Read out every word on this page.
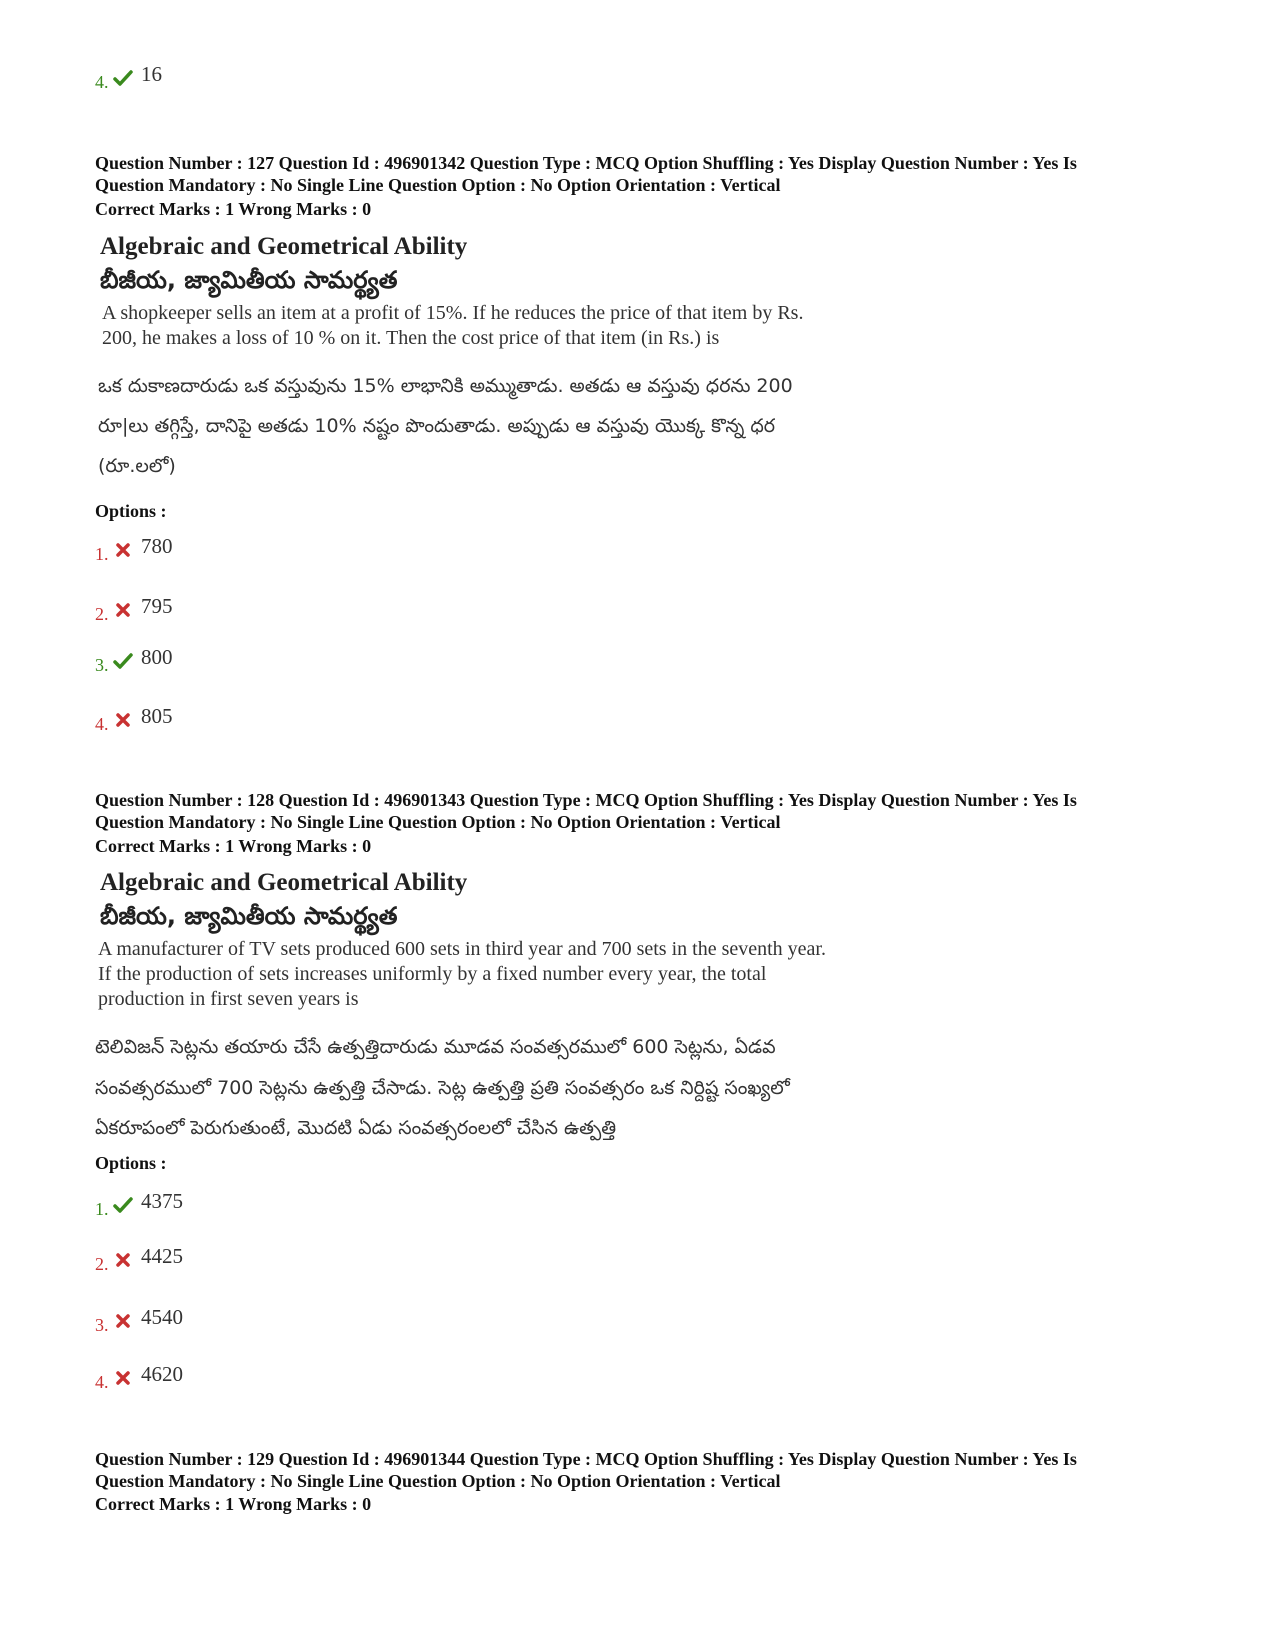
4. 16
Question Number : 127 Question Id : 496901342 Question Type : MCQ Option Shuffling : Yes Display Question Number : Yes Is
Question Mandatory : No Single Line Question Option : No Option Orientation : Vertical
Correct Marks : 1 Wrong Marks : 0
Algebraic and Geometrical Ability
బీజీయ, జ్యామితీయ సామర్థ్యత
A shopkeeper sells an item at a profit of 15%. If he reduces the price of that item by Rs.
200, he makes a loss of 10 % on it. Then the cost price of that item (in Rs.) is
ఒక దుకాణదారుడు ఒక వస్తువును 15% లాభానికి అమ్ముతాడు. అతడు ఆ వస్తువు ధరను 200
రూ|లు తగ్గిస్తే, దానిపై అతడు 10% నష్టం పొందుతాడు. అప్పుడు ఆ వస్తువు యొక్క కొన్న ధర
(రూ.లలో)
Options :
1. 780
2. 795
3. 800
4. 805
Question Number : 128 Question Id : 496901343 Question Type : MCQ Option Shuffling : Yes Display Question Number : Yes Is
Question Mandatory : No Single Line Question Option : No Option Orientation : Vertical
Correct Marks : 1 Wrong Marks : 0
Algebraic and Geometrical Ability
బీజీయ, జ్యామితీయ సామర్థ్యత
A manufacturer of TV sets produced 600 sets in third year and 700 sets in the seventh year.
If the production of sets increases uniformly by a fixed number every year, the total
production in first seven years is
టెలివిజన్ సెట్లను తయారు చేసే ఉత్పత్తిదారుడు మూడవ సంవత్సరములో 600 సెట్లను, ఏడవ
సంవత్సరములో 700 సెట్లను ఉత్పత్తి చేసాడు. సెట్ల ఉత్పత్తి ప్రతి సంవత్సరం ఒక నిర్దిష్ట సంఖ్యలో
ఏకరూపంలో పెరుగుతుంటే, మొదటి ఏడు సంవత్సరంలలో చేసిన ఉత్పత్తి
Options :
1. 4375
2. 4425
3. 4540
4. 4620
Question Number : 129 Question Id : 496901344 Question Type : MCQ Option Shuffling : Yes Display Question Number : Yes Is
Question Mandatory : No Single Line Question Option : No Option Orientation : Vertical
Correct Marks : 1 Wrong Marks : 0
